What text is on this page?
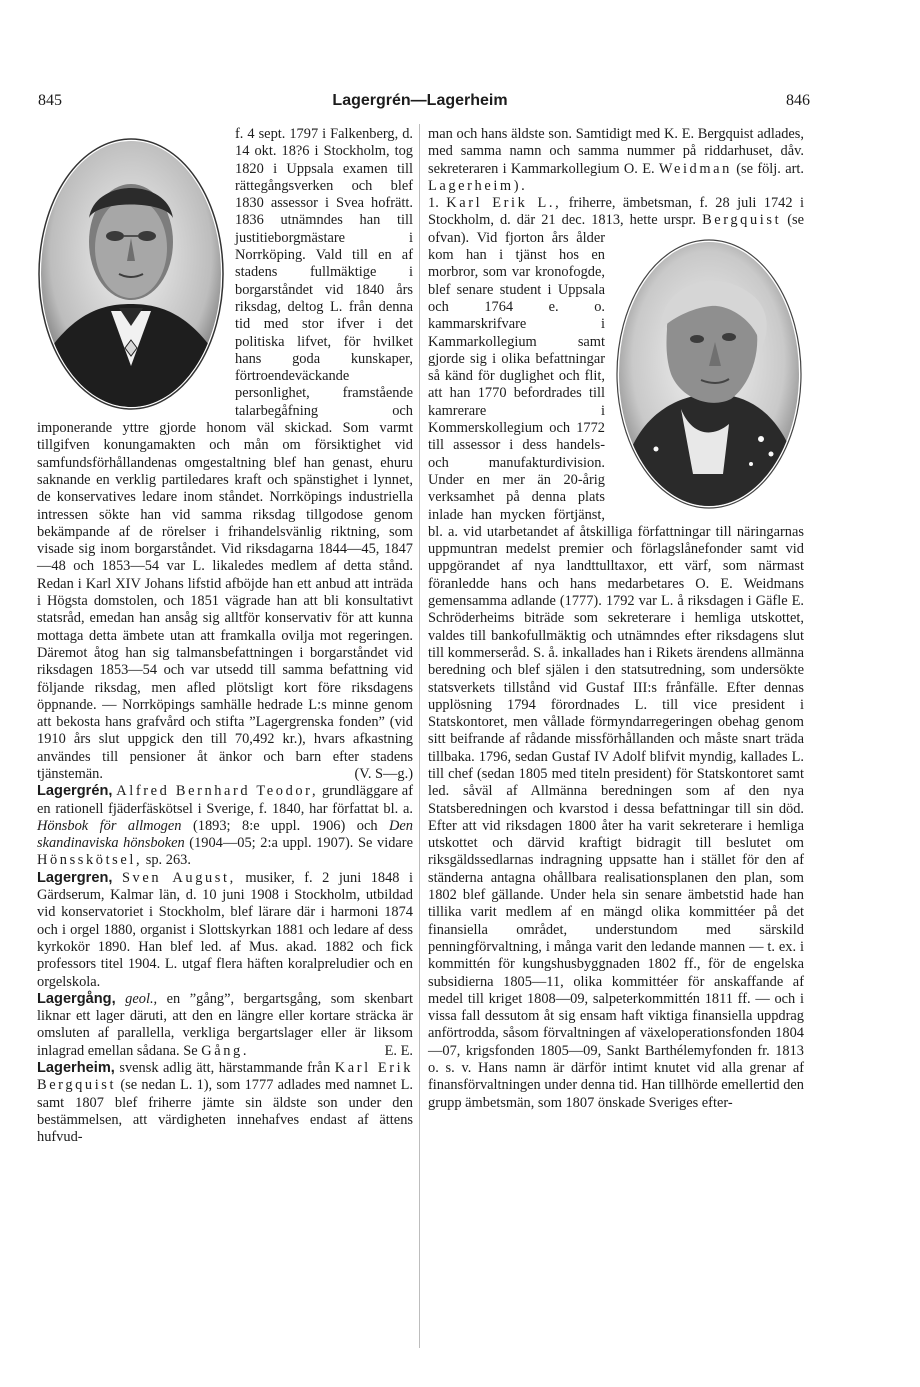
845	Lagergrén—Lagerheim	846

f. 4 sept. 1797 i Falkenberg, d. 14 okt. 18?6 i Stockholm, tog 1820 i Uppsala examen till rättegångsverken och blef 1830 assessor i Svea hofrätt. 1836 utnämndes han till justitieborgmästare i Norrköping. Vald till en af stadens fullmäktige i borgarståndet vid 1840 års riksdag, deltog L. från denna tid med stor ifver i det politiska lifvet, för hvilket hans goda kunskaper, förtroendeväckande personlighet, framstående talarbegåfning och imponerande yttre gjorde honom väl skickad. Som varmt tillgifven konungamakten och mån om försiktighet vid samfundsförhållandenas omgestaltning blef han genast, ehuru saknande en verklig partiledares kraft och spänstighet i lynnet, de konservatives ledare inom ståndet. Norrköpings industriella intressen sökte han vid samma riksdag tillgodose genom bekämpande af de rörelser i frihandelsvänlig riktning, som visade sig inom borgarståndet. Vid riksdagarna 1844—45, 1847—48 och 1853—54 var L. likaledes medlem af detta stånd. Redan i Karl XIV Johans lifstid afböjde han ett anbud att inträda i Högsta domstolen, och 1851 vägrade han att bli konsultativt statsråd, emedan han ansåg sig alltför konservativ för att kunna mottaga detta ämbete utan att framkalla ovilja mot regeringen. Däremot åtog han sig talmansbefattningen i borgarståndet vid riksdagen 1853—54 och var utsedd till samma befattning vid följande riksdag, men afled plötsligt kort före riksdagens öppnande. — Norrköpings samhälle hedrade L:s minne genom att bekosta hans grafvård och stifta ”Lagergrenska fonden” (vid 1910 års slut uppgick den till 70,492 kr.), hvars afkastning användes till pensioner åt änkor och barn efter stadens tjänstemän.	(V. S—g.)

Lagergrén, Alfred Bernhard Teodor, grundläggare af en rationell fjäderfäskötsel i Sverige, f. 1840, har författat bl. a. Hönsbok för allmogen (1893; 8:e uppl. 1906) och Den skandinaviska hönsboken (1904—05; 2:a uppl. 1907). Se vidare Hönsskötsel, sp. 263.

Lagergren, Sven August, musiker, f. 2 juni 1848 i Gärdserum, Kalmar län, d. 10 juni 1908 i Stockholm, utbildad vid konservatoriet i Stockholm, blef lärare där i harmoni 1874 och i orgel 1880, organist i Slottskyrkan 1881 och ledare af dess kyrkokör 1890. Han blef led. af Mus. akad. 1882 och fick professors titel 1904. L. utgaf flera häften koralpreludier och en orgelskola.

Lagergång, geol., en ”gång”, bergartsgång, som skenbart liknar ett lager däruti, att den en längre eller kortare sträcka är omsluten af parallella, verkliga bergartslager eller är liksom inlagrad emellan sådana. Se Gång.	E. E.

Lagerheim, svensk adlig ätt, härstammande från Karl Erik Bergquist (se nedan L. 1), som 1777 adlades med namnet L. samt 1807 blef friherre jämte sin äldste son under den bestämmelsen, att värdigheten innehafves endast af ättens hufvud-

man och hans äldste son. Samtidigt med K. E. Bergquist adlades, med samma namn och samma nummer på riddarhuset, dåv. sekreteraren i Kammarkollegium O. E. Weidman (se följ. art. Lagerheim).

1. Karl Erik L., friherre, ämbetsman, f. 28 juli 1742 i Stockholm, d. där 21 dec. 1813, hette urspr. Bergquist (se ofvan). Vid fjorton års ålder kom han i tjänst hos en morbror, som var kronofogde, blef senare student i Uppsala och 1764 e. o. kammarskrifvare i Kammarkollegium samt gjorde sig i olika befattningar så känd för duglighet och flit, att han 1770 befordrades till kamrerare i Kommerskollegium och 1772 till assessor i dess handels- och manufakturdivision. Under en mer än 20-årig verksamhet på denna plats inlade han mycken förtjänst, bl. a. vid utarbetandet af åtskilliga författningar till näringarnas uppmuntran medelst premier och förlagslånefonder samt vid uppgörandet af nya landttulltaxor, ett värf, som närmast föranledde hans och hans medarbetares O. E. Weidmans gemensamma adlande (1777). 1792 var L. å riksdagen i Gäfle E. Schröderheims biträde som sekreterare i hemliga utskottet, valdes till bankofullmäktig och utnämndes efter riksdagens slut till kommerseråd. S. å. inkallades han i Rikets ärendens allmänna beredning och blef själen i den statsutredning, som undersökte statsverkets tillstånd vid Gustaf III:s frånfälle. Efter dennas upplösning 1794 förordnades L. till vice president i Statskontoret, men vållade förmyndarregeringen obehag genom sitt beifrande af rådande missförhållanden och måste snart träda tillbaka. 1796, sedan Gustaf IV Adolf blifvit myndig, kallades L. till chef (sedan 1805 med titeln president) för Statskontoret samt led. såväl af Allmänna beredningen som af den nya Statsberedningen och kvarstod i dessa befattningar till sin död. Efter att vid riksdagen 1800 åter ha varit sekreterare i hemliga utskottet och därvid kraftigt bidragit till beslutet om riksgäldssedlarnas indragning uppsatte han i stället för den af ständerna antagna ohållbara realisationsplanen den plan, som 1802 blef gällande. Under hela sin senare ämbetstid hade han tillika varit medlem af en mängd olika kommittéer på det finansiella området, understundom med särskild penningförvaltning, i många varit den ledande mannen — t. ex. i kommittén för kungshusbyggnaden 1802 ff., för de engelska subsidierna 1805—11, olika kommittéer för anskaffande af medel till kriget 1808—09, salpeterkommittén 1811 ff. — och i vissa fall dessutom åt sig ensam haft viktiga finansiella uppdrag anförtrodda, såsom förvaltningen af växeloperationsfonden 1804—07, krigsfonden 1805—09, Sankt Barthélemyfonden fr. 1813 o. s. v. Hans namn är därför intimt knutet vid alla grenar af finansförvaltningen under denna tid. Han tillhörde emellertid den grupp ämbetsmän, som 1807 önskade Sveriges efter-
